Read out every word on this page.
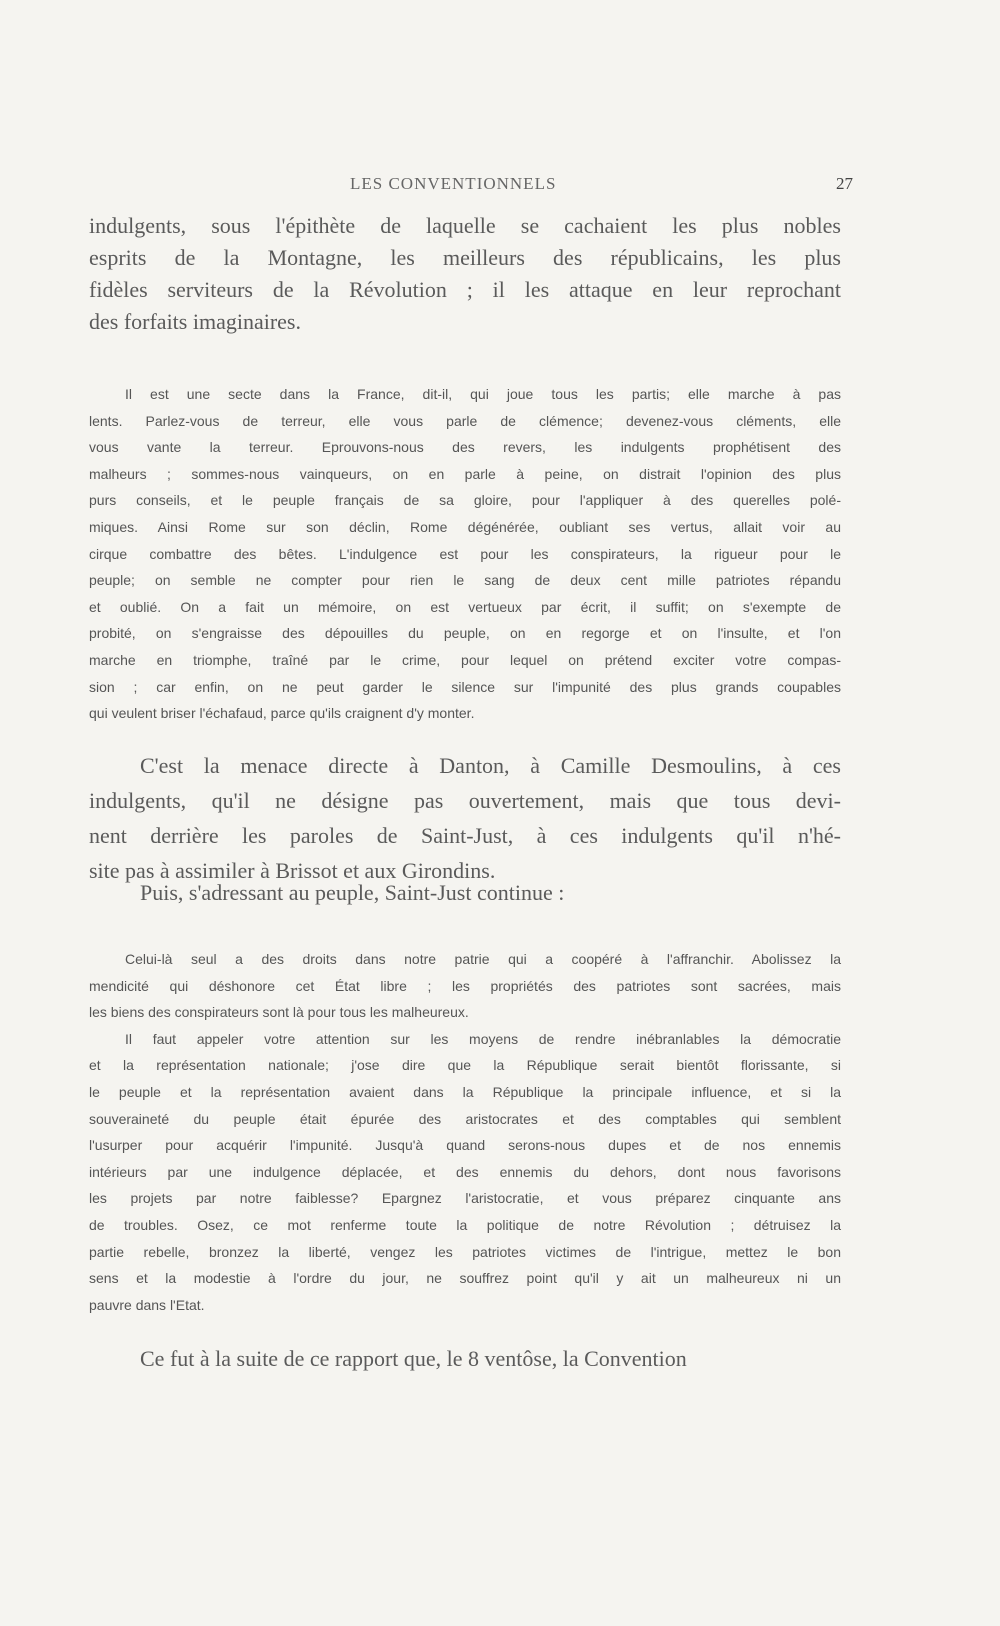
LES CONVENTIONNELS	27
indulgents, sous l'épithète de laquelle se cachaient les plus nobles
esprits de la Montagne, les meilleurs des républicains, les plus
fidèles serviteurs de la Révolution ; il les attaque en leur reprochant
des forfaits imaginaires.
Il est une secte dans la France, dit-il, qui joue tous les partis; elle marche à pas
lents. Parlez-vous de terreur, elle vous parle de clémence; devenez-vous cléments, elle
vous vante la terreur. Eprouvons-nous des revers, les indulgents prophétisent des
malheurs ; sommes-nous vainqueurs, on en parle à peine, on distrait l'opinion des plus
purs conseils, et le peuple français de sa gloire, pour l'appliquer à des querelles polé-
miques. Ainsi Rome sur son déclin, Rome dégénérée, oubliant ses vertus, allait voir au
cirque combattre des bêtes. L'indulgence est pour les conspirateurs, la rigueur pour le
peuple; on semble ne compter pour rien le sang de deux cent mille patriotes répandu
et oublié. On a fait un mémoire, on est vertueux par écrit, il suffit; on s'exempte de
probité, on s'engraisse des dépouilles du peuple, on en regorge et on l'insulte, et l'on
marche en triomphe, traîné par le crime, pour lequel on prétend exciter votre compas-
sion ; car enfin, on ne peut garder le silence sur l'impunité des plus grands coupables
qui veulent briser l'échafaud, parce qu'ils craignent d'y monter.
C'est la menace directe à Danton, à Camille Desmoulins, à ces
indulgents, qu'il ne désigne pas ouvertement, mais que tous devi-
nent derrière les paroles de Saint-Just, à ces indulgents qu'il n'hé-
site pas à assimiler à Brissot et aux Girondins.
Puis, s'adressant au peuple, Saint-Just continue :
Celui-là seul a des droits dans notre patrie qui a coopéré à l'affranchir. Abolissez la
mendicité qui déshonore cet État libre ; les propriétés des patriotes sont sacrées, mais
les biens des conspirateurs sont là pour tous les malheureux.
Il faut appeler votre attention sur les moyens de rendre inébranlables la démocratie
et la représentation nationale; j'ose dire que la République serait bientôt florissante, si
le peuple et la représentation avaient dans la République la principale influence, et si la
souveraineté du peuple était épurée des aristocrates et des comptables qui semblent
l'usurper pour acquérir l'impunité. Jusqu'à quand serons-nous dupes et de nos ennemis
intérieurs par une indulgence déplacée, et des ennemis du dehors, dont nous favorisons
les projets par notre faiblesse? Epargnez l'aristocratie, et vous préparez cinquante ans
de troubles. Osez, ce mot renferme toute la politique de notre Révolution ; détruisez la
partie rebelle, bronzez la liberté, vengez les patriotes victimes de l'intrigue, mettez le bon
sens et la modestie à l'ordre du jour, ne souffrez point qu'il y ait un malheureux ni un
pauvre dans l'Etat.
Ce fut à la suite de ce rapport que, le 8 ventôse, la Convention
